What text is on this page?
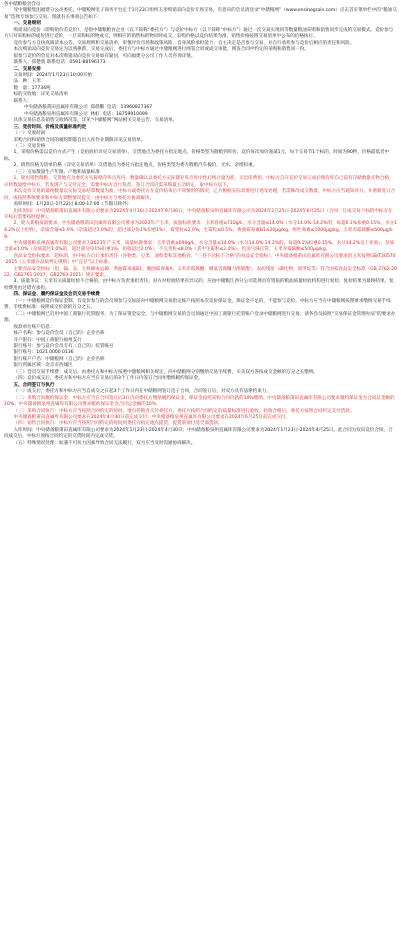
各中储粮粮食会员：

受中储粮集团福建分公司委托，中储粮网电子商务平台定于1月23日组织玉米购销双向竞价专场交易，有意向的会员请登录“中储粮网”（www.ensinograin.com）点击首页菜单栏中的“粮油交易”选择专场参与交易。现就有关事项公告如下：

一、交易规则

购销双向竞价（即购销价差竞价），是指中储粮粮食企业（以下简称“委托方”）与竞价中标方（以下简称“中标方”）通过一次交易实现同等数量粮油采购和销售同步完成的交易模式。竞价参与方只对采购标的或价进行竞价，一旦采购标的物成交，则相应的销售标的物同时成交。采购价格以竞价结果为准，销售价格按照交易清单中公布的价格执行。

竞价参与方自执真阅读本公告、交易规则和交易清单，审慎评价市场和政策风险、自身风险承担能力，自主决定是否参与交易，并自行承担参与竞价后相应的责任和风险。

本次购销双向竞价交易定为以熟换新，交易完成后，委托方与中标方通过中储粮网进行网签合同或成交审批，网签合同中约定的采购和销售同一份。

拟参与竞价的会员对本次购销双向竞价交易如有疑问，可向福建分公司工作人员咨询详情。

联系人：郑楚新 联系电话：0591-88196173

二、交易安排

交易时间：2024年1月23日10:00开始

品　种：玉米

数　量：17734吨

标的交收地：详见交易清单

联系人：

中央储备粮莆田直属库有限公司 郑晨鹏 电话：13960827367

中央储备粮泉州直属库有限公司 林虹 电话：18759910099

具体交易信息及销售交收情况等，详见“中储粮网”网站相关交易公告、交易清单。

三、竞价时间、价格及质量标准约定

（一）交收时间

采购合同和销售合同的履约期都自出入库作业期限详见交易清单。

（二）交易价格

1、采购价格需以竞价方式产生（竞拍底价详见交易清单），交货地点为委托方指定地点，价格类型为散粮到库价。竞价每次加价递减1元，每个交易节1个标的，时间为90秒，价格最低者中标。

2、销售价格为清单价格（详见交易清单）交货地点为委托方指定地点，价格类型为委方散粮汽车板价，无水、杂增扣重。

（三）交易散量生产年限、产地和质量标准

1、轮出销售散粮。交货地点为委托方实际储存库点库内，数量确认以委托方实际储存库点库中性后统计量为准，无出库费用。中标方自在竞价交易完成后现有库自己前有存储数量实物合格，应将数量给中标方，若发现产与交付完全，需要中标方自行负责。签订合同后需采购量主动约定，取中标方以下。

本次竞价交易的最终数量以实际交易结算数量为准，中标方或委托方在竞价结束后不同情形的情况，乙方根据实际需要进行更改处理，若需修改成交数量，中标方应当通知对方，并重新签订合同，或按照系统要求和中标方调整情况提交，由中标方与委托方协商解决。

看样时间：1月20日-1月22日 8:00-17:00（节假日除外）

出库时间：中央储备粮莆田直属库有限公司要求为2024年4月30日-2024年9月30日；中央储备粮泉州直属库有限公司为2024年2月25日-2024年6月25日（合同一旦成交每个标的中标方在开标后需要按时提供）。

2、轮入新粮质量要求。中央储备粮莆田直属库有限公司要求为2023年产玉米，质量标准要求：玉米容重≥710g/L，水分含量≤14.0%（水分14.0%-14.2%的，每超0.1%扣重0.15%，水分14.2%以上拒收），杂质含量≤1.0%（杂质超过1.0%的，超过部分每1%扣重1%），霉变粒≤2.0%，生霉粒≤0.5%，黄曲霉毒素B1≤20μg/kg，呕吐毒素≤1000μg/kg，玉米赤霉烯酮≤500μg/kg。

中央储备粮泉州直属库有限公司要求为2023年产玉米，质量标准要求：玉米容重≥690g/L，水分含量≤14.0%（水分14.0%-14.2%的，每超0.1%扣重0.15%，水分14.2%以上拒收），杂质含量≤1.0%（杂质超过1.0%的，超过部分每1%扣重1%，拒收超过2.0%），不完善粒≤8.0%（其中生霉粒≤2.0%），色泽气味正常，玉米赤霉烯酮≤500μg/kg。

食品安全指标要求：超标的，由中标方自行承担责任（谷物类、豆类、油料类和其他粮食，“三巷不达标不合格”的食品安全指标），中央储备粮莆田直属库有限公司要求的玉米按照GB/T20570-2015《玉米储存品质判定规则》中“宜存”以上标准。

主要食品安全指标（铅、镉、汞、无机砷或总砷、黄曲霉毒素B1、赭曲霉毒素A、玉米赤霉烯酮、脱氧雪腐镰刀菌烯醇）、农药残留（磷化物、溴甲烷等）符合国家食品安全标准（GB 2762-2022、GB2761-2017、GB2763-2021）规定要求。

3、质量争议：玉米有关质量检验不合格的，由中标方负责承担责任。双方对检验结果有异议的，应由中储粮江西分公司选择具有资质的粮油质量检验机构进行复检，复检结果为最终结果，复检费用由过错方承担。

四、保证金、履约保证金及会员交易手续费

（一）中储粮网竞价保证金制，有竞价参与的会员须参与交易前向中储粮网交易指定账户按照本次竞价保证金，保证金不足的，不能参与竞价。中标方应当在中储粮网按照要求缴纳交易手续费，手续费标准：按照成交价款的万分之五。

（二）中储粮网已启用中国工商银行托管服务，为了保证资金安全，与中储粮网交易的会员须通过中国工商银行托管账户登录中储粮网进行交易，请各会员按照“交易保证金管理办法”的要求办理。

收款单位账户信息：

账户名称：参与竞价会员（自己的）企业名称

开户银行：中国工商银行福州支行

银行账号：参与竞价会员专有（自己的）托管账号

银行账号：1021 0000 0136

银行账户户名：中储粮网（自己的）企业名称

银行所属区域：北京市西城区

（三）会员交易手续费：成交后，由委托方和中标方按照中储粮网相关规定，向中储粮网分别缴纳交易手续费，买卖双方各按成交金额的万分之五缴纳。

（四）竞价成交后，委托方和中标方应当在交易后的3个工作日内签订合同并缴纳履约保证金。

五、合同签订与执行

（一）成交后，委托方和中标方应当自成交之日起3个工作日内在中储粮网签订电子合同，合同签订后，对双方具有法律约束力。

（二）采购合同履约保证金：中标方应当在合同签订后3日内向委托方缴纳履约保证金，保证金按照采购合同价款的10%缴纳。中央储备粮莆田直属库有限公司要求履约保证金为合同总金额的10%；中央储备粮泉州直属库有限公司要求履约保证金为合同总金额的10%。

（三）采购合同执行：中标方应当按照合同约定的时间、地点将粮食交付委托方，委托方按照合同约定的质量标准进行验收。验收合格后，委托方按照合同约定支付货款。

中央储备粮莆田直属库有限公司要求在2024年4月30日前完成交付；中央储备粮泉州直属库有限公司要求在2024年6月25日前完成交付。

（四）销售合同执行：中标方应当按照合同约定的时间到委托方指定地点提货，提货前须付清全部货款。

入库时间：中央储备粮莆田直属库有限公司要求为2024年1月23日-2024年4月30日；中央储备粮泉州直属库有限公司要求为2024年1月23日-2024年4月25日。此合同为双向竞价合同，合同成交后，中标方须按合同约定的交货时间内完成交货。

（五）特殊情况处理：如遇不可抗力因素导致合同无法履行，双方应当及时沟通协商解决。
